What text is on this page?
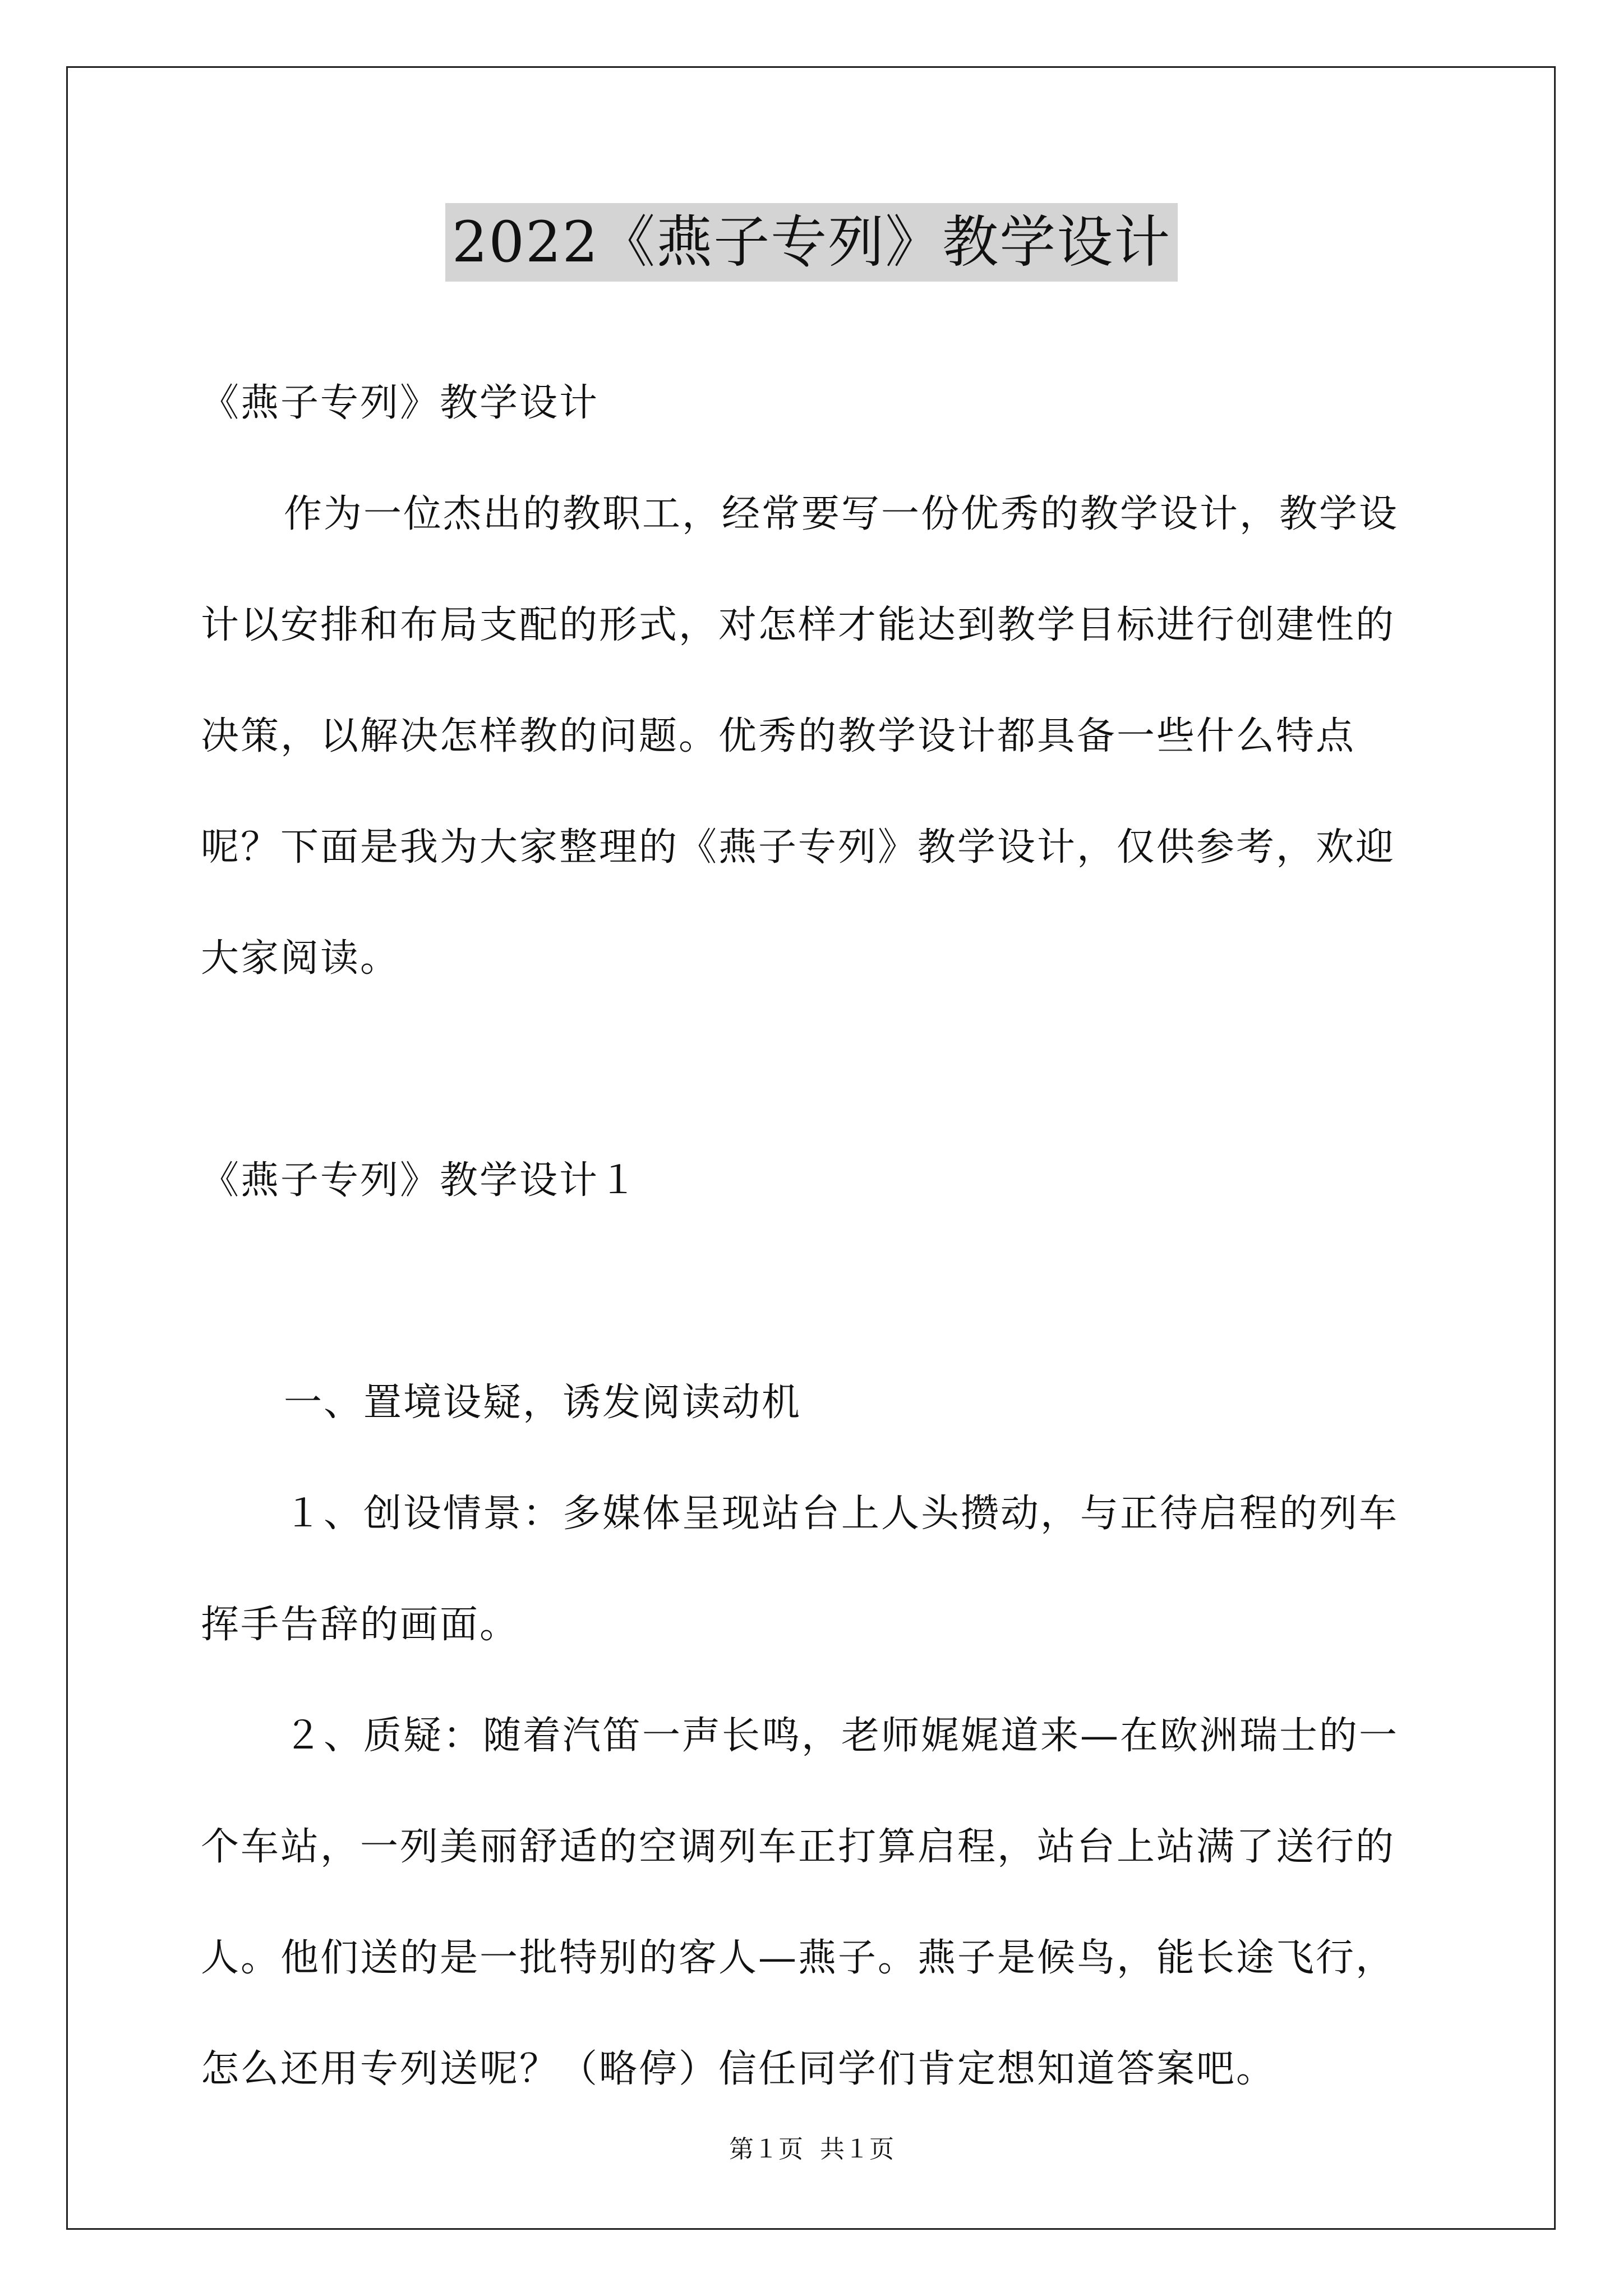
2022《燕子专列》教学设计

《燕子专列》教学设计

作为一位杰出的教职工，经常要写一份优秀的教学设计，教学设计以安排和布局支配的形式，对怎样才能达到教学目标进行创建性的决策，以解决怎样教的问题。优秀的教学设计都具备一些什么特点呢？下面是我为大家整理的《燕子专列》教学设计，仅供参考，欢迎大家阅读。

《燕子专列》教学设计１

一、置境设疑，诱发阅读动机

１、创设情景：多媒体呈现站台上人头攒动，与正待启程的列车挥手告辞的画面。

２、质疑：随着汽笛一声长鸣，老师娓娓道来—在欧洲瑞士的一个车站，一列美丽舒适的空调列车正打算启程，站台上站满了送行的人。他们送的是一批特别的客人—燕子。燕子是候鸟，能长途飞行，怎么还用专列送呢？（略停）信任同学们肯定想知道答案吧。

第１页 共１页
